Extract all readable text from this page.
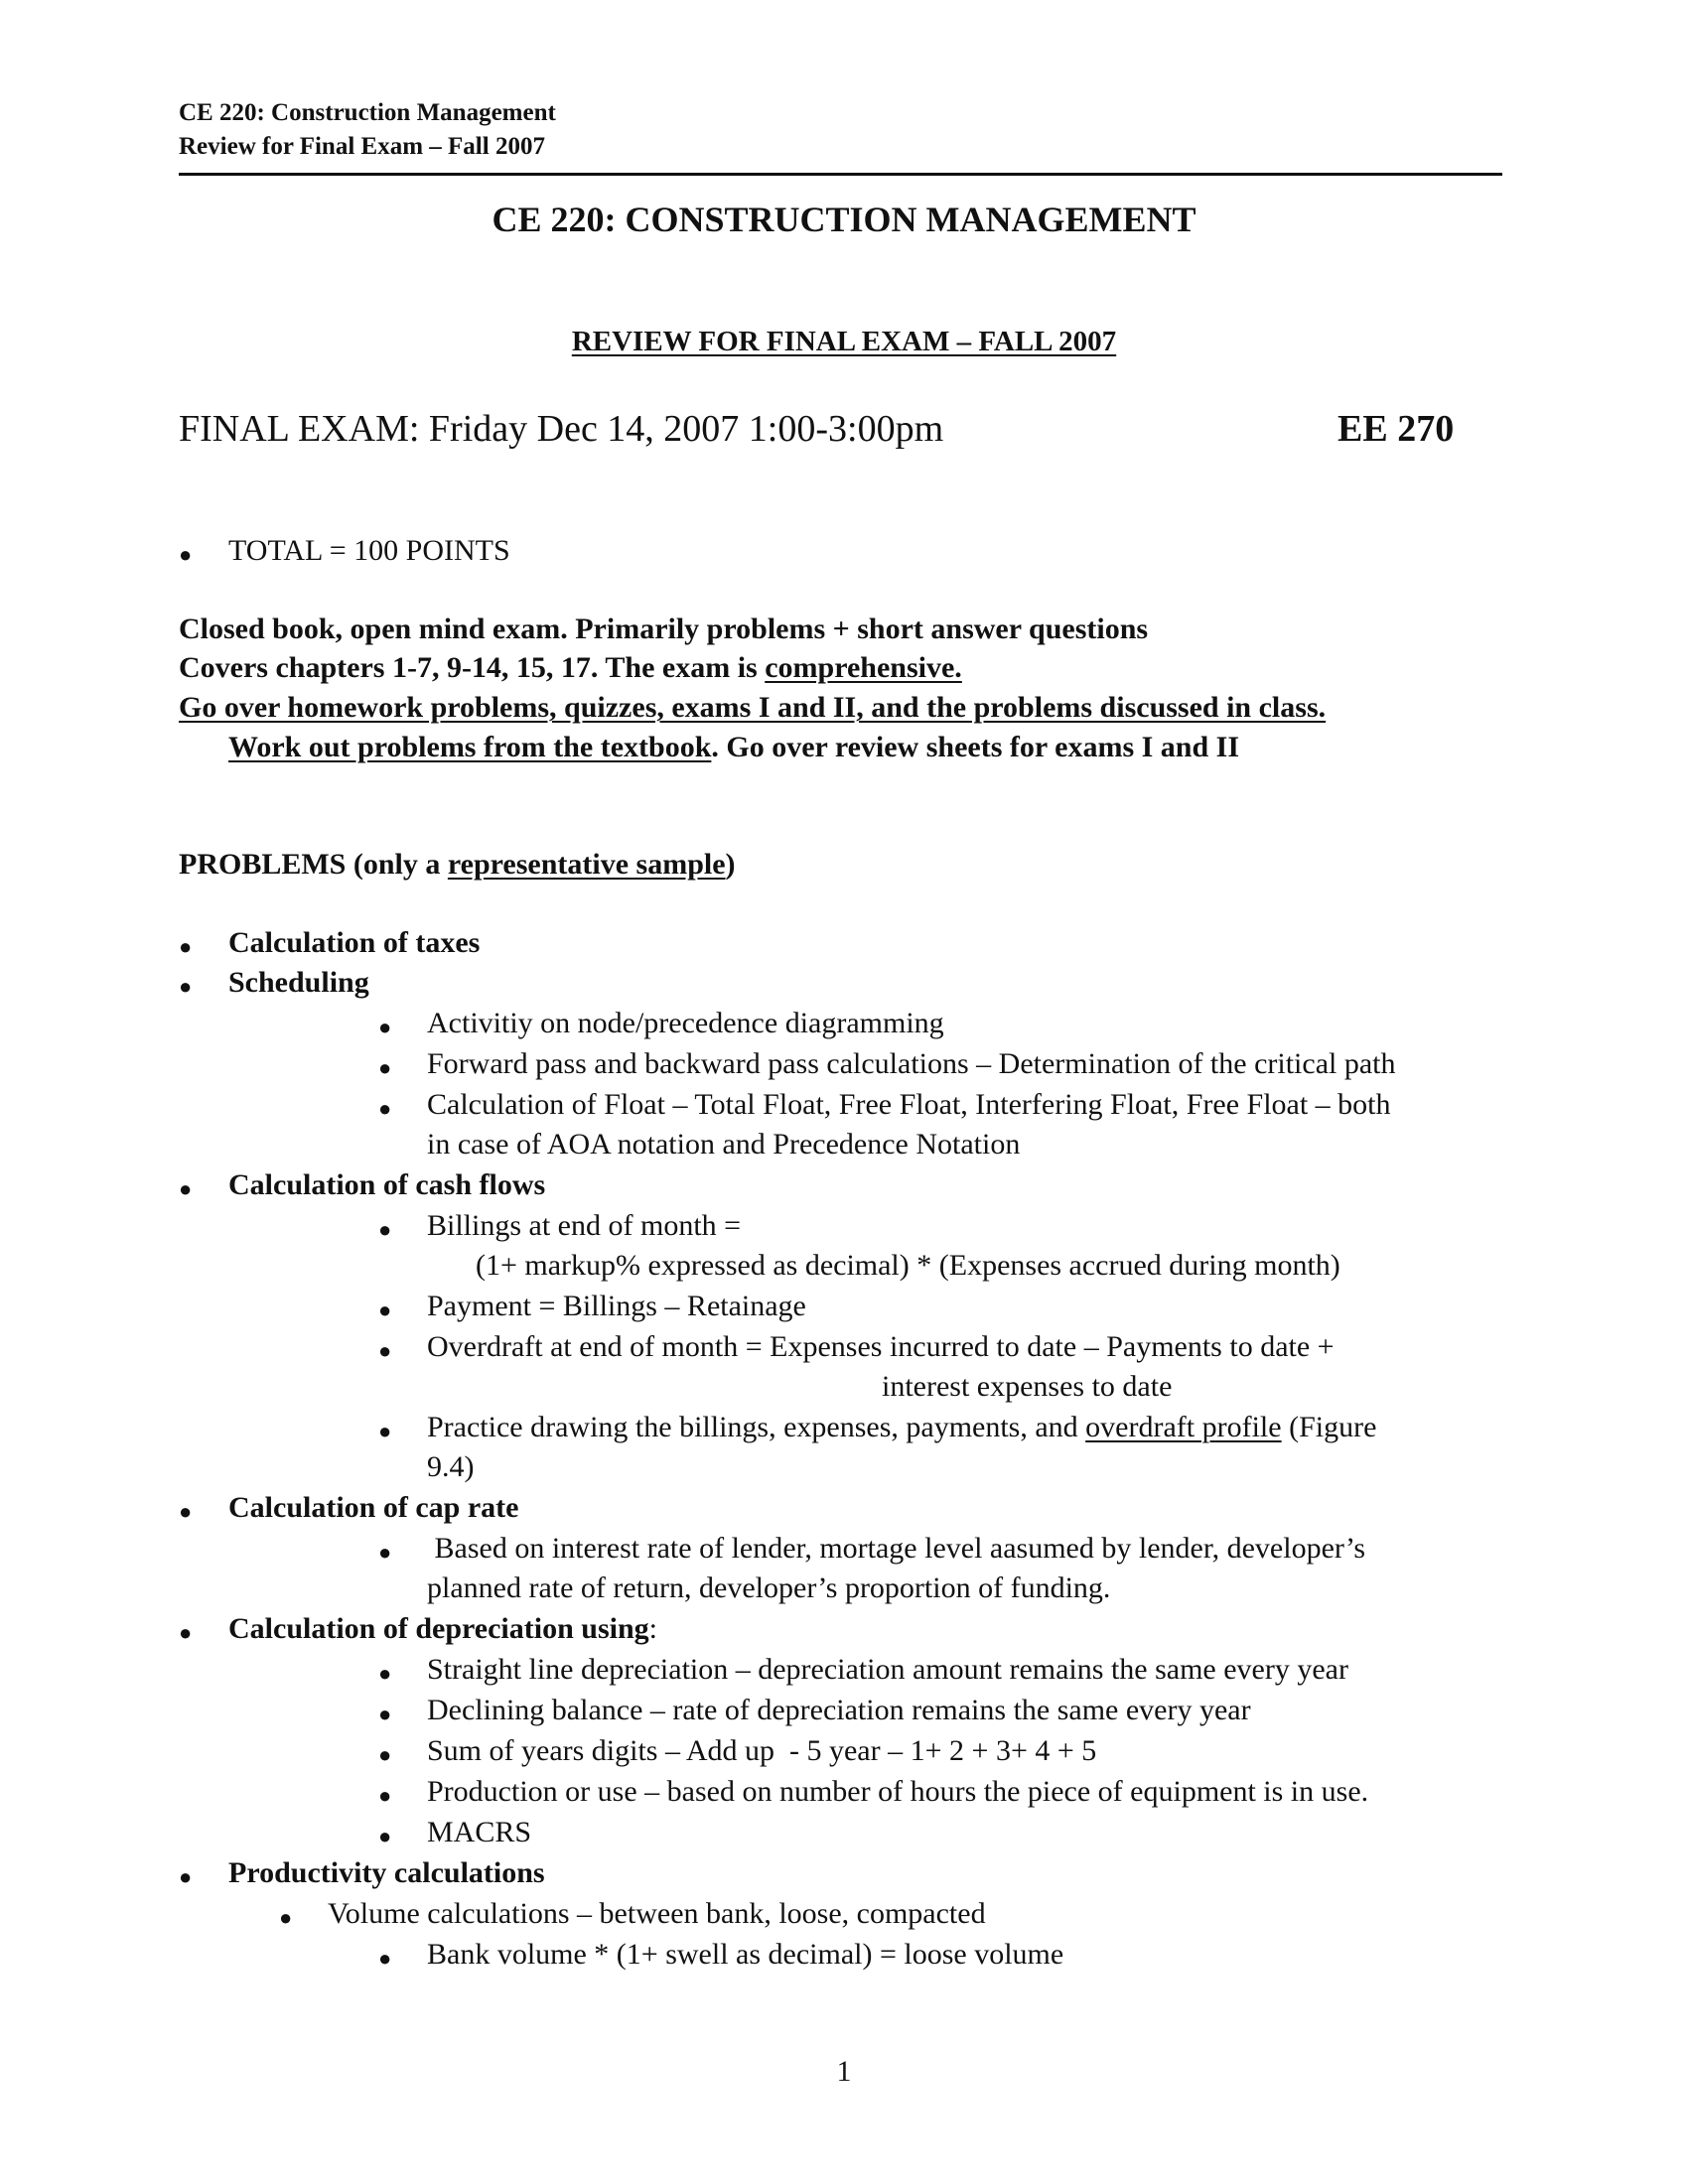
CE 220: Construction Management
Review for Final Exam – Fall 2007
CE 220: CONSTRUCTION MANAGEMENT
REVIEW FOR FINAL EXAM – FALL 2007
FINAL EXAM: Friday Dec 14, 2007 1:00-3:00pm	EE 270
● TOTAL = 100 POINTS
Closed book, open mind exam. Primarily problems + short answer questions
Covers chapters 1-7, 9-14, 15, 17. The exam is comprehensive.
Go over homework problems, quizzes, exams I and II, and the problems discussed in class.
Work out problems from the textbook. Go over review sheets for exams I and II
PROBLEMS (only a representative sample)
● Calculation of taxes
● Scheduling
● Activitiy on node/precedence diagramming
● Forward pass and backward pass calculations – Determination of the critical path
● Calculation of Float – Total Float, Free Float, Interfering Float, Free Float – both
in case of AOA notation and Precedence Notation
● Calculation of cash flows
● Billings at end of month =
(1+ markup% expressed as decimal) * (Expenses accrued during month)
● Payment = Billings – Retainage
● Overdraft at end of month = Expenses incurred to date – Payments to date +
interest expenses to date
● Practice drawing the billings, expenses, payments, and overdraft profile (Figure
9.4)
● Calculation of cap rate
● Based on interest rate of lender, mortage level aasumed by lender, developer’s
planned rate of return, developer’s proportion of funding.
● Calculation of depreciation using:
● Straight line depreciation – depreciation amount remains the same every year
● Declining balance – rate of depreciation remains the same every year
● Sum of years digits – Add up  - 5 year – 1+ 2 + 3+ 4 + 5
● Production or use – based on number of hours the piece of equipment is in use.
● MACRS
● Productivity calculations
● Volume calculations – between bank, loose, compacted
● Bank volume * (1+ swell as decimal) = loose volume
1
